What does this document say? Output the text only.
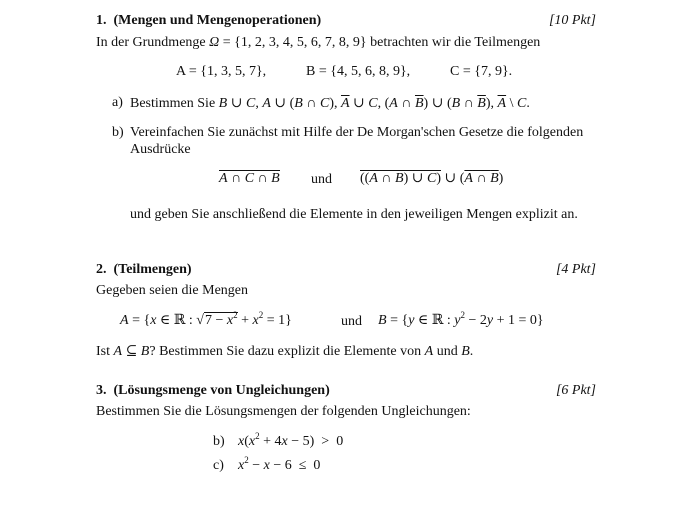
1. (Mengen und Mengenoperationen)	[10 Pkt]
In der Grundmenge Ω = {1, 2, 3, 4, 5, 6, 7, 8, 9} betrachten wir die Teilmengen
A = {1, 3, 5, 7},	B = {4, 5, 6, 8, 9},	C = {7, 9}.
a) Bestimmen Sie B ∪ C, A ∪ (B ∩ C), $\overline{A}$ ∪ C, (A ∩ $\overline{B}$) ∪ (B ∩ $\overline{B}$), $\overline{A}$ \ C.
b) Vereinfachen Sie zunächst mit Hilfe der De Morgan'schen Gesetze die folgenden
Ausdrücke
A ∩ $\overline{C}$ ∩ B und ((A ∩ B) ∪ C) ∪ (A ∩ B)
und geben Sie anschließend die Elemente in den jeweiligen Mengen explizit an.
2. (Teilmengen)	[4 Pkt]
Gegeben seien die Mengen
A = {x ∈ ℝ : $√7 - x^2 + x^2 = 1$}	und B = {y ∈ ℝ : $y^2 - 2y + 1 = 0$}
Ist A ⊆ B? Bestimmen Sie dazu explizit die Elemente von A und B.
3. (Lösungsmenge von Ungleichungen)	[6 Pkt]
Bestimmen Sie die Lösungsmengen der folgenden Ungleichungen:
b) $x(x^2 + 4x - 5) > 0$
c) $x^2 - x - 6 \le 0$
